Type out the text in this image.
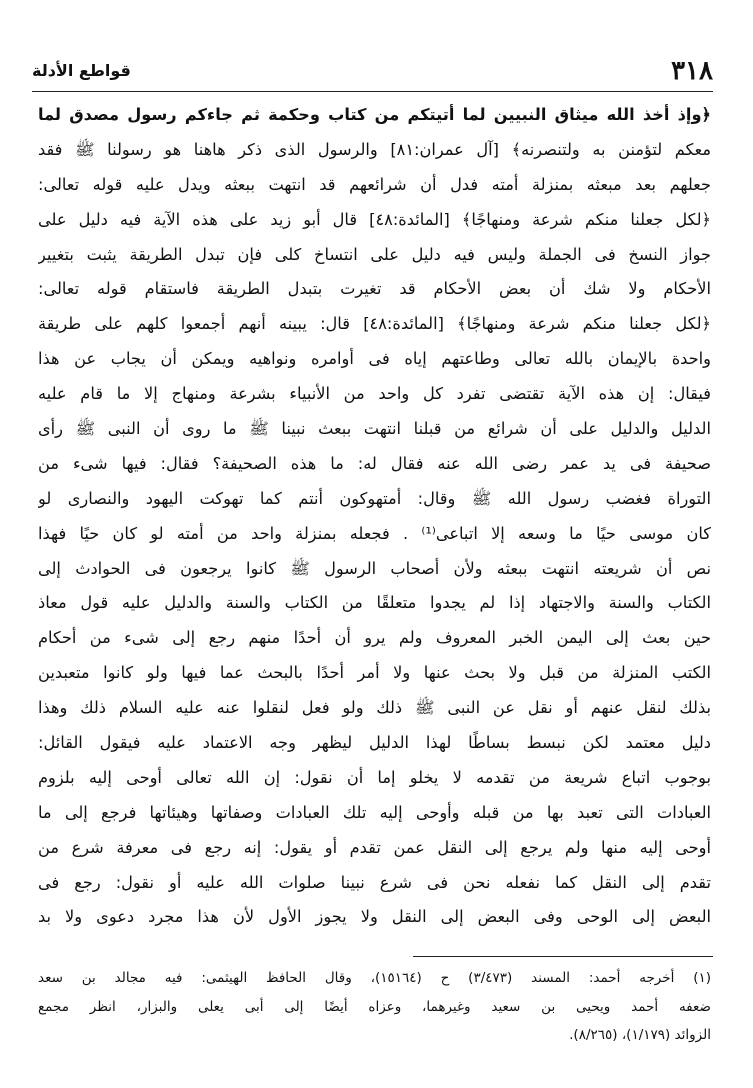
٣١٨
قواطع الأدلة
﴿وإذ أخذ الله ميثاق النبيين لما أتيتكم من كتاب وحكمة ثم جاءكم رسول مصدق لما
معكم لتؤمنن به ولتنصرنه﴾ [آل عمران:٨١] والرسول الذى ذكر هاهنا هو رسولنا ﷺ فقد
جعلهم بعد مبعثه بمنزلة أمته فدل أن شرائعهم قد انتهت ببعثه ويدل عليه قوله تعالى:
﴿لكل جعلنا منكم شرعة ومنهاجًا﴾ [المائدة:٤٨] قال أبو زيد على هذه الآية فيه دليل على
جواز النسخ فى الجملة وليس فيه دليل على انتساخ كلى فإن تبدل الطريقة يثبت بتغيير
الأحكام ولا شك أن بعض الأحكام قد تغيرت بتبدل الطريقة فاستقام قوله تعالى:
﴿لكل جعلنا منكم شرعة ومنهاجًا﴾ [المائدة:٤٨] قال: يبينه أنهم أجمعوا كلهم على طريقة
واحدة بالإيمان بالله تعالى وطاعتهم إياه فى أوامره ونواهيه ويمكن أن يجاب عن هذا
فيقال: إن هذه الآية تقتضى تفرد كل واحد من الأنبياء بشرعة ومنهاج إلا ما قام عليه
الدليل والدليل على أن شرائع من قبلنا انتهت ببعث نبينا ﷺ ما روى أن النبى ﷺ رأى
صحيفة فى يد عمر رضى الله عنه فقال له: ما هذه الصحيفة؟ فقال: فيها شىء من
التوراة فغضب رسول الله ﷺ وقال: أمتهوكون أنتم كما تهوكت اليهود والنصارى لو
كان موسى حيًا ما وسعه إلا اتباعى⁽¹⁾ . فجعله بمنزلة واحد من أمته لو كان حيًا فهذا
نص أن شريعته انتهت ببعثه ولأن أصحاب الرسول ﷺ كانوا يرجعون فى الحوادث إلى
الكتاب والسنة والاجتهاد إذا لم يجدوا متعلقًا من الكتاب والسنة والدليل عليه قول معاذ
حين بعث إلى اليمن الخبر المعروف ولم يرو أن أحدًا منهم رجع إلى شىء من أحكام
الكتب المنزلة من قبل ولا بحث عنها ولا أمر أحدًا بالبحث عما فيها ولو كانوا متعبدين
بذلك لنقل عنهم أو نقل عن النبى ﷺ ذلك ولو فعل لنقلوا عنه عليه السلام ذلك وهذا
دليل معتمد لكن نبسط بساطًا لهذا الدليل ليظهر وجه الاعتماد عليه فيقول القائل:
بوجوب اتباع شريعة من تقدمه لا يخلو إما أن نقول: إن الله تعالى أوحى إليه بلزوم
العبادات التى تعبد بها من قبله وأوحى إليه تلك العبادات وصفاتها وهيئاتها فرجع إلى ما
أوحى إليه منها ولم يرجع إلى النقل عمن تقدم أو يقول: إنه رجع فى معرفة شرع من
تقدم إلى النقل كما نفعله نحن فى شرع نبينا صلوات الله عليه أو نقول: رجع فى
البعض إلى الوحى وفى البعض إلى النقل ولا يجوز الأول لأن هذا مجرد دعوى ولا بد
(١) أخرجه أحمد: المسند (٣/٤٧٣) ح (١٥١٦٤)، وقال الحافظ الهيثمى: فيه مجالد بن سعد
ضعفه أحمد ويحيى بن سعيد وغيرهما، وعزاه أيضًا إلى أبى يعلى والبزار، انظر مجمع
الزوائد (١/١٧٩)، (٨/٢٦٥).
